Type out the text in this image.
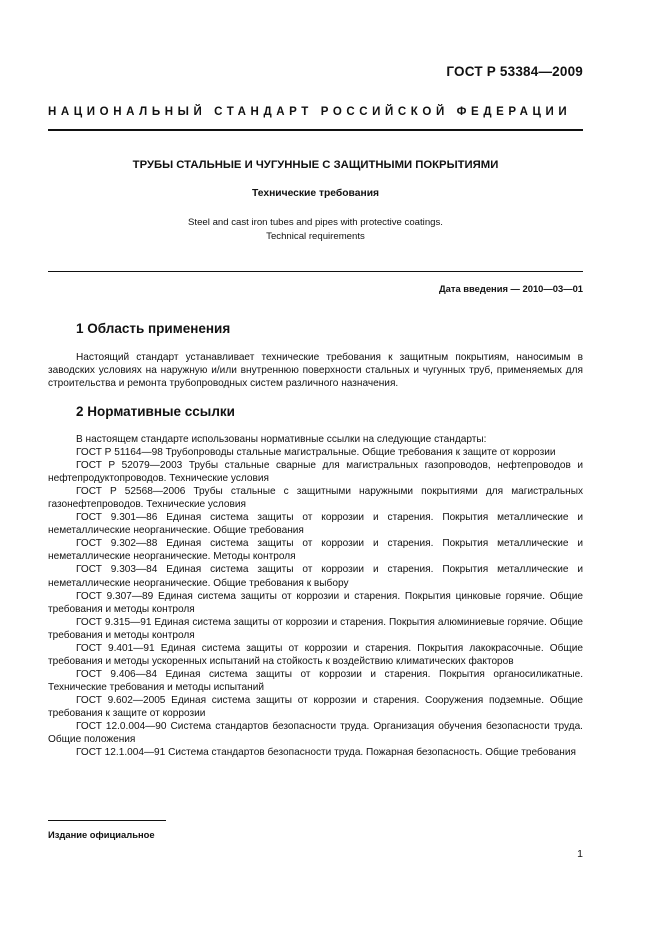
ГОСТ Р 53384—2009
НАЦИОНАЛЬНЫЙ СТАНДАРТ РОССИЙСКОЙ ФЕДЕРАЦИИ
ТРУБЫ СТАЛЬНЫЕ И ЧУГУННЫЕ С ЗАЩИТНЫМИ ПОКРЫТИЯМИ
Технические требования
Steel and cast iron tubes and pipes with protective coatings.
Technical requirements
Дата введения — 2010—03—01
1 Область применения

Настоящий стандарт устанавливает технические требования к защитным покрытиям, наносимым в заводских условиях на наружную и/или внутреннюю поверхности стальных и чугунных труб, применяемых для строительства и ремонта трубопроводных систем различного назначения.

2 Нормативные ссылки

В настоящем стандарте использованы нормативные ссылки на следующие стандарты:

ГОСТ Р 51164—98 Трубопроводы стальные магистральные. Общие требования к защите от коррозии

ГОСТ Р 52079—2003 Трубы стальные сварные для магистральных газопроводов, нефтепроводов и нефтепродуктопроводов. Технические условия

ГОСТ Р 52568—2006 Трубы стальные с защитными наружными покрытиями для магистральных газонефтепроводов. Технические условия

ГОСТ 9.301—86 Единая система защиты от коррозии и старения. Покрытия металлические и неметаллические неорганические. Общие требования

ГОСТ 9.302—88 Единая система защиты от коррозии и старения. Покрытия металлические и неметаллические неорганические. Методы контроля

ГОСТ 9.303—84 Единая система защиты от коррозии и старения. Покрытия металлические и неметаллические неорганические. Общие требования к выбору

ГОСТ 9.307—89 Единая система защиты от коррозии и старения. Покрытия цинковые горячие. Общие требования и методы контроля

ГОСТ 9.315—91 Единая система защиты от коррозии и старения. Покрытия алюминиевые горячие. Общие требования и методы контроля

ГОСТ 9.401—91 Единая система защиты от коррозии и старения. Покрытия лакокрасочные. Общие требования и методы ускоренных испытаний на стойкость к воздействию климатических факторов

ГОСТ 9.406—84 Единая система защиты от коррозии и старения. Покрытия органосиликатные. Технические требования и методы испытаний

ГОСТ 9.602—2005 Единая система защиты от коррозии и старения. Сооружения подземные. Общие требования к защите от коррозии

ГОСТ 12.0.004—90 Система стандартов безопасности труда. Организация обучения безопасности труда. Общие положения

ГОСТ 12.1.004—91 Система стандартов безопасности труда. Пожарная безопасность. Общие требования

Издание официальное
1
